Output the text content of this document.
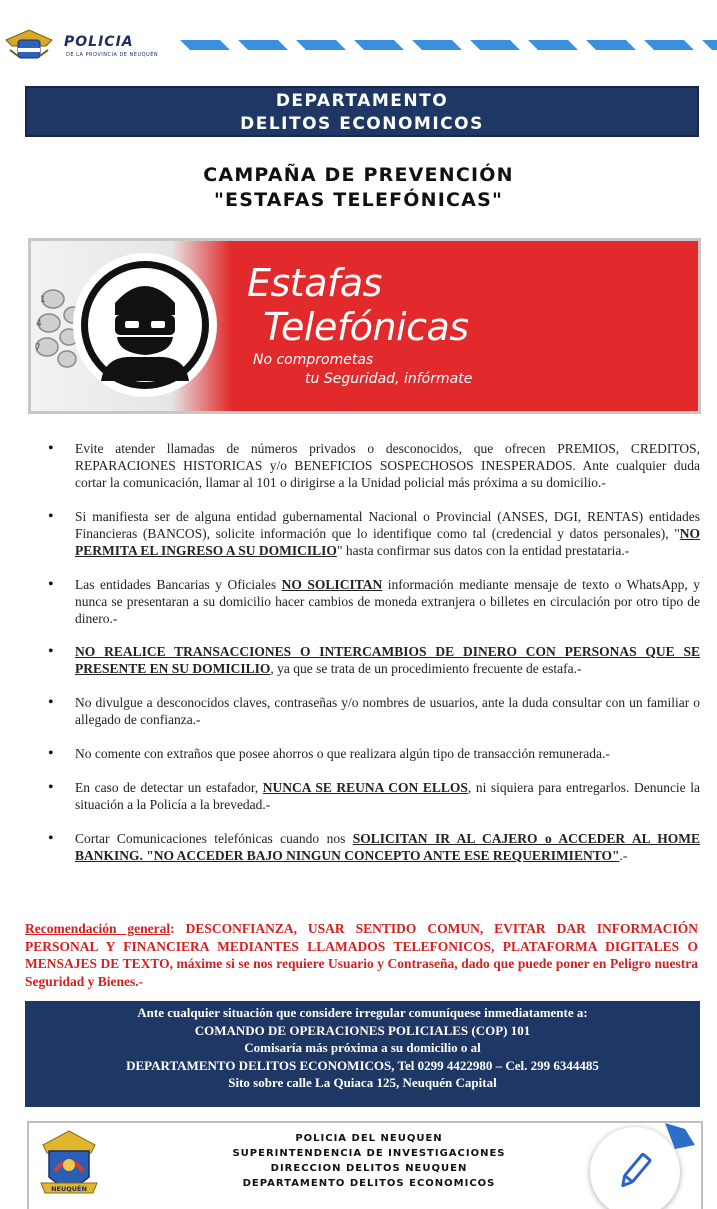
POLICIA
DE LA PROVINCIA DE NEUQUÉN
DEPARTAMENTO
DELITOS ECONOMICOS
CAMPAÑA DE PREVENCIÓN
"ESTAFAS TELEFÓNICAS"
1
4
7
Estafas
Telefónicas
No comprometas
tu Seguridad, infórmate
• Evite atender llamadas de números privados o desconocidos, que ofrecen PREMIOS, CREDITOS, REPARACIONES HISTORICAS y/o BENEFICIOS SOSPECHOSOS INESPERADOS. Ante cualquier duda cortar la comunicación, llamar al 101 o dirigirse a la Unidad policial más próxima a su domicilio.-
• Si manifiesta ser de alguna entidad gubernamental Nacional o Provincial (ANSES, DGI, RENTAS) entidades Financieras (BANCOS), solicite información que lo identifique como tal (credencial y datos personales), "NO PERMITA EL INGRESO A SU DOMICILIO" hasta confirmar sus datos con la entidad prestataria.-
• Las entidades Bancarias y Oficiales NO SOLICITAN información mediante mensaje de texto o WhatsApp, y nunca se presentaran a su domicilio hacer cambios de moneda extranjera o billetes en circulación por otro tipo de dinero.-
• NO REALICE TRANSACCIONES O INTERCAMBIOS DE DINERO CON PERSONAS QUE SE PRESENTE EN SU DOMICILIO, ya que se trata de un procedimiento frecuente de estafa.-
• No divulgue a desconocidos claves, contraseñas y/o nombres de usuarios, ante la duda consultar con un familiar o allegado de confianza.-
• No comente con extraños que posee ahorros o que realizara algún tipo de transacción remunerada.-
• En caso de detectar un estafador, NUNCA SE REUNA CON ELLOS, ni siquiera para entregarlos. Denuncie la situación a la Policía a la brevedad.-
• Cortar Comunicaciones telefónicas cuando nos SOLICITAN IR AL CAJERO o ACCEDER AL HOME BANKING. "NO ACCEDER BAJO NINGUN CONCEPTO ANTE ESE REQUERIMIENTO".-
Recomendación general: DESCONFIANZA, USAR SENTIDO COMUN, EVITAR DAR INFORMACIÓN PERSONAL Y FINANCIERA MEDIANTES LLAMADOS TELEFONICOS, PLATAFORMA DIGITALES O MENSAJES DE TEXTO, máxime si se nos requiere Usuario y Contraseña, dado que puede poner en Peligro nuestra Seguridad y Bienes.-
Ante cualquier situación que considere irregular comuníquese inmediatamente a:
COMANDO DE OPERACIONES POLICIALES (COP) 101
Comisaría más próxima a su domicilio o al
DEPARTAMENTO DELITOS ECONOMICOS, Tel 0299 4422980 – Cel. 299 6344485
Sito sobre calle La Quiaca 125, Neuquén Capital
NEUQUÉN
POLICIA DEL NEUQUEN
SUPERINTENDENCIA DE INVESTIGACIONES
DIRECCION DELITOS NEUQUEN
DEPARTAMENTO DELITOS ECONOMICOS
